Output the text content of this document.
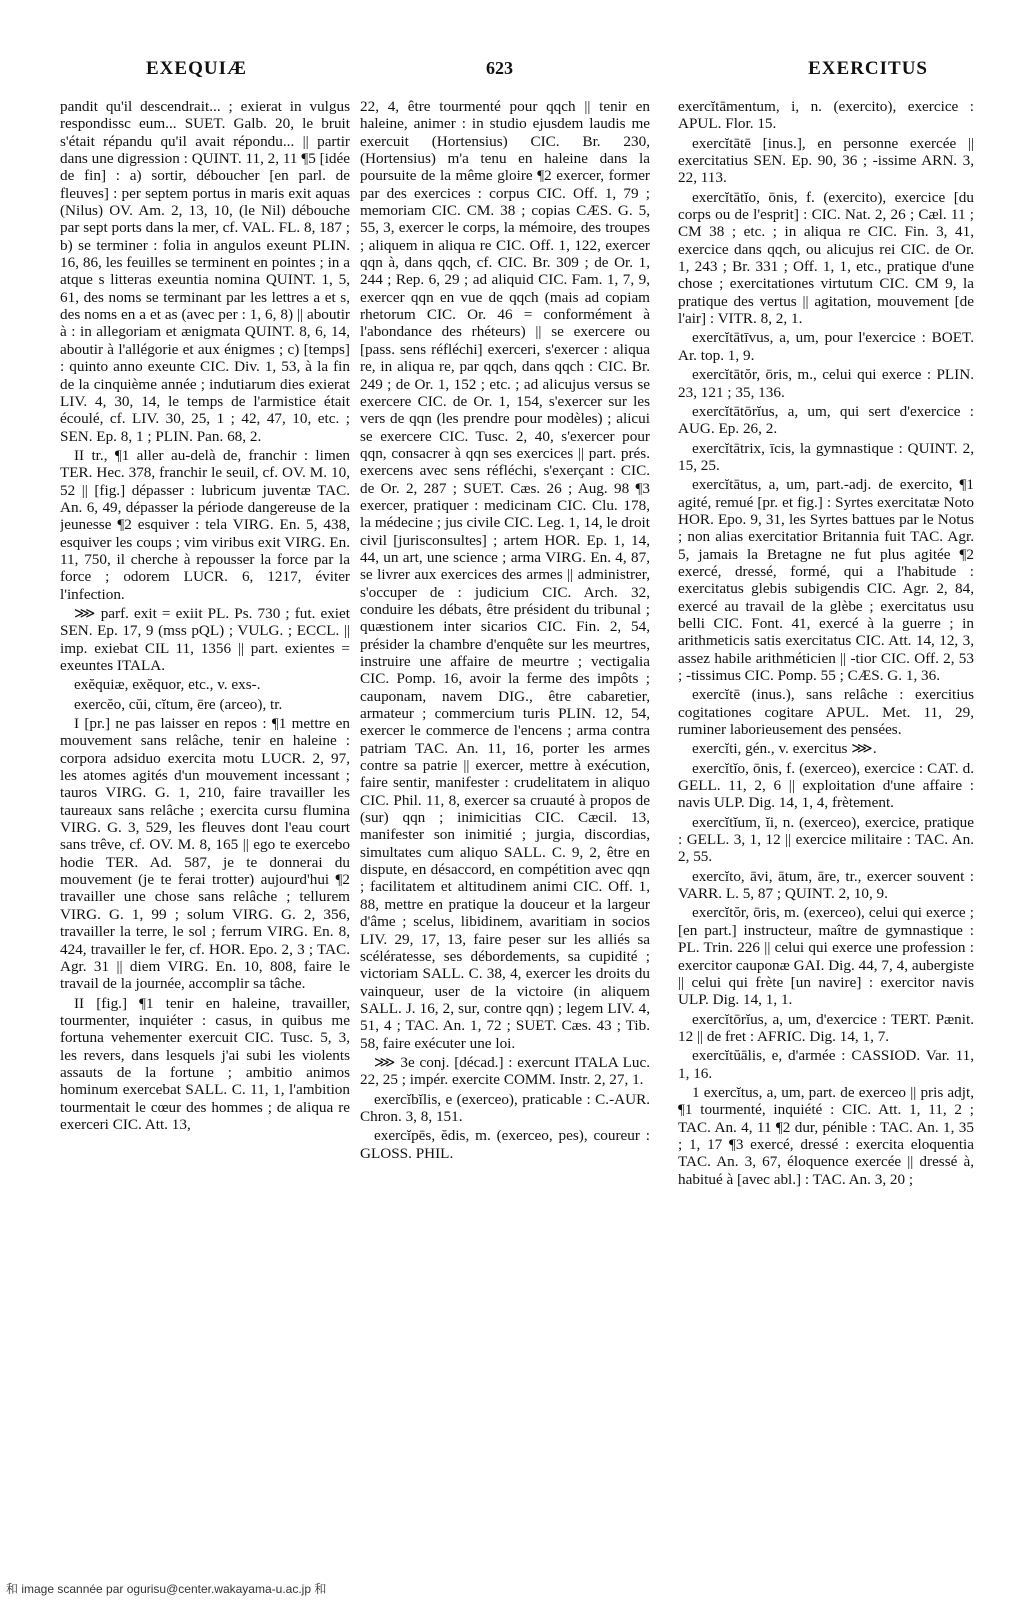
EXEQUIÆ	623	EXERCITUS

pandit qu'il descendrait... ; exierat in vulgus respondissc eum... SUET. Galb. 20, le bruit s'était répandu qu'il avait répondu... || partir dans une digression : QUINT. 11, 2, 11 ¶5 [idée de fin] : a) sortir, déboucher [en parl. de fleuves] : per septem portus in maris exit aquas (Nilus) OV. Am. 2, 13, 10, (le Nil) débouche par sept ports dans la mer, cf. VAL. FL. 8, 187 ; b) se terminer : folia in angulos exeunt PLIN. 16, 86, les feuilles se terminent en pointes ; in a atque s litteras exeuntia nomina QUINT. 1, 5, 61, des noms se terminant par les lettres a et s, des noms en a et as (avec per : 1, 6, 8) || aboutir à : in allegoriam et ænigmata QUINT. 8, 6, 14, aboutir à l'allégorie et aux énigmes ; c) [temps] : quinto anno exeunte CIC. Div. 1, 53, à la fin de la cinquième année ; indutiarum dies exierat LIV. 4, 30, 14, le temps de l'armistice était écoulé, cf. LIV. 30, 25, 1 ; 42, 47, 10, etc. ; SEN. Ep. 8, 1 ; PLIN. Pan. 68, 2.

II tr., ¶1 aller au-delà de, franchir : limen TER. Hec. 378, franchir le seuil, cf. OV. M. 10, 52 || [fig.] dépasser : lubricum juventæ TAC. An. 6, 49, dépasser la période dangereuse de la jeunesse ¶2 esquiver : tela VIRG. En. 5, 438, esquiver les coups ; vim viribus exit VIRG. En. 11, 750, il cherche à repousser la force par la force ; odorem LUCR. 6, 1217, éviter l'infection.

⋙ parf. exit = exiit PL. Ps. 730 ; fut. exiet SEN. Ep. 17, 9 (mss pQL) ; VULG. ; ECCL. || imp. exiebat CIL 11, 1356 || part. exientes = exeuntes ITALA.

exĕquiæ, exĕquor, etc., v. exs-.

exercĕo, cŭi, cĭtum, ēre (arceo), tr.

I [pr.] ne pas laisser en repos : ¶1 mettre en mouvement sans relâche, tenir en haleine : corpora adsiduo exercita motu LUCR. 2, 97, les atomes agités d'un mouvement incessant ; tauros VIRG. G. 1, 210, faire travailler les taureaux sans relâche ; exercita cursu flumina VIRG. G. 3, 529, les fleuves dont l'eau court sans trêve, cf. OV. M. 8, 165 || ego te exercebo hodie TER. Ad. 587, je te donnerai du mouvement (je te ferai trotter) aujourd'hui ¶2 travailler une chose sans relâche ; tellurem VIRG. G. 1, 99 ; solum VIRG. G. 2, 356, travailler la terre, le sol ; ferrum VIRG. En. 8, 424, travailler le fer, cf. HOR. Epo. 2, 3 ; TAC. Agr. 31 || diem VIRG. En. 10, 808, faire le travail de la journée, accomplir sa tâche.

II [fig.] ¶1 tenir en haleine, travailler, tourmenter, inquiéter : casus, in quibus me fortuna vehementer exercuit CIC. Tusc. 5, 3, les revers, dans lesquels j'ai subi les violents assauts de la fortune ; ambitio animos hominum exercebat SALL. C. 11, 1, l'ambition tourmentait le cœur des hommes ; de aliqua re exerceri CIC. Att. 13,

22, 4, être tourmenté pour qqch || tenir en haleine, animer : in studio ejusdem laudis me exercuit (Hortensius) CIC. Br. 230, (Hortensius) m'a tenu en haleine dans la poursuite de la même gloire ¶2 exercer, former par des exercices : corpus CIC. Off. 1, 79 ; memoriam CIC. CM. 38 ; copias CÆS. G. 5, 55, 3, exercer le corps, la mémoire, des troupes ; aliquem in aliqua re CIC. Off. 1, 122, exercer qqn à, dans qqch, cf. CIC. Br. 309 ; de Or. 1, 244 ; Rep. 6, 29 ; ad aliquid CIC. Fam. 1, 7, 9, exercer qqn en vue de qqch (mais ad copiam rhetorum CIC. Or. 46 = conformément à l'abondance des rhéteurs) || se exercere ou [pass. sens réfléchi] exerceri, s'exercer : aliqua re, in aliqua re, par qqch, dans qqch : CIC. Br. 249 ; de Or. 1, 152 ; etc. ; ad alicujus versus se exercere CIC. de Or. 1, 154, s'exercer sur les vers de qqn (les prendre pour modèles) ; alicui se exercere CIC. Tusc. 2, 40, s'exercer pour qqn, consacrer à qqn ses exercices || part. prés. exercens avec sens réfléchi, s'exerçant : CIC. de Or. 2, 287 ; SUET. Cæs. 26 ; Aug. 98 ¶3 exercer, pratiquer : medicinam CIC. Clu. 178, la médecine ; jus civile CIC. Leg. 1, 14, le droit civil [jurisconsultes] ; artem HOR. Ep. 1, 14, 44, un art, une science ; arma VIRG. En. 4, 87, se livrer aux exercices des armes || administrer, s'occuper de : judicium CIC. Arch. 32, conduire les débats, être président du tribunal ; quæstionem inter sicarios CIC. Fin. 2, 54, présider la chambre d'enquête sur les meurtres, instruire une affaire de meurtre ; vectigalia CIC. Pomp. 16, avoir la ferme des impôts ; cauponam, navem DIG., être cabaretier, armateur ; commercium turis PLIN. 12, 54, exercer le commerce de l'encens ; arma contra patriam TAC. An. 11, 16, porter les armes contre sa patrie || exercer, mettre à exécution, faire sentir, manifester : crudelitatem in aliquo CIC. Phil. 11, 8, exercer sa cruauté à propos de (sur) qqn ; inimicitias CIC. Cæcil. 13, manifester son inimitié ; jurgia, discordias, simultates cum aliquo SALL. C. 9, 2, être en dispute, en désaccord, en compétition avec qqn ; facilitatem et altitudinem animi CIC. Off. 1, 88, mettre en pratique la douceur et la largeur d'âme ; scelus, libidinem, avaritiam in socios LIV. 29, 17, 13, faire peser sur les alliés sa scélératesse, ses débordements, sa cupidité ; victoriam SALL. C. 38, 4, exercer les droits du vainqueur, user de la victoire (in aliquem SALL. J. 16, 2, sur, contre qqn) ; legem LIV. 4, 51, 4 ; TAC. An. 1, 72 ; SUET. Cæs. 43 ; Tib. 58, faire exécuter une loi.

⋙ 3e conj. [décad.] : exercunt ITALA Luc. 22, 25 ; impér. exercite COMM. Instr. 2, 27, 1.

exercĭbĭlis, e (exerceo), praticable : C.-AUR. Chron. 3, 8, 151.

exercĭpēs, ĕdis, m. (exerceo, pes), coureur : GLOSS. PHIL.

exercĭtāmentum, i, n. (exercito), exercice : APUL. Flor. 15.

exercĭtātē [inus.], en personne exercée || exercitatius SEN. Ep. 90, 36 ; -issime ARN. 3, 22, 113.

exercĭtātĭo, ōnis, f. (exercito), exercice [du corps ou de l'esprit] : CIC. Nat. 2, 26 ; Cæl. 11 ; CM 38 ; etc. ; in aliqua re CIC. Fin. 3, 41, exercice dans qqch, ou alicujus rei CIC. de Or. 1, 243 ; Br. 331 ; Off. 1, 1, etc., pratique d'une chose ; exercitationes virtutum CIC. CM 9, la pratique des vertus || agitation, mouvement [de l'air] : VITR. 8, 2, 1.

exercĭtātīvus, a, um, pour l'exercice : BOET. Ar. top. 1, 9.

exercĭtātŏr, ōris, m., celui qui exerce : PLIN. 23, 121 ; 35, 136.

exercĭtātōrĭus, a, um, qui sert d'exercice : AUG. Ep. 26, 2.

exercĭtātrix, īcis, la gymnastique : QUINT. 2, 15, 25.

exercĭtātus, a, um, part.-adj. de exercito, ¶1 agité, remué [pr. et fig.] : Syrtes exercitatæ Noto HOR. Epo. 9, 31, les Syrtes battues par le Notus ; non alias exercitatior Britannia fuit TAC. Agr. 5, jamais la Bretagne ne fut plus agitée ¶2 exercé, dressé, formé, qui a l'habitude : exercitatus glebis subigendis CIC. Agr. 2, 84, exercé au travail de la glèbe ; exercitatus usu belli CIC. Font. 41, exercé à la guerre ; in arithmeticis satis exercitatus CIC. Att. 14, 12, 3, assez habile arithméticien || -tior CIC. Off. 2, 53 ; -tissimus CIC. Pomp. 55 ; CÆS. G. 1, 36.

exercĭtē (inus.), sans relâche : exercitius cogitationes cogitare APUL. Met. 11, 29, ruminer laborieusement des pensées.

exercĭti, gén., v. exercitus ⋙.

exercĭtĭo, ōnis, f. (exerceo), exercice : CAT. d. GELL. 11, 2, 6 || exploitation d'une affaire : navis ULP. Dig. 14, 1, 4, frètement.

exercĭtĭum, ĭi, n. (exerceo), exercice, pratique : GELL. 3, 1, 12 || exercice militaire : TAC. An. 2, 55.

exercĭto, āvi, ātum, āre, tr., exercer souvent : VARR. L. 5, 87 ; QUINT. 2, 10, 9.

exercĭtŏr, ōris, m. (exerceo), celui qui exerce ; [en part.] instructeur, maître de gymnastique : PL. Trin. 226 || celui qui exerce une profession : exercitor cauponæ GAI. Dig. 44, 7, 4, aubergiste || celui qui frète [un navire] : exercitor navis ULP. Dig. 14, 1, 1.

exercĭtōrĭus, a, um, d'exercice : TERT. Pænit. 12 || de fret : AFRIC. Dig. 14, 1, 7.

exercĭtŭālis, e, d'armée : CASSIOD. Var. 11, 1, 16.

1 exercĭtus, a, um, part. de exerceo || pris adjt, ¶1 tourmenté, inquiété : CIC. Att. 1, 11, 2 ; TAC. An. 4, 11 ¶2 dur, pénible : TAC. An. 1, 35 ; 1, 17 ¶3 exercé, dressé : exercita eloquentia TAC. An. 3, 67, éloquence exercée || dressé à, habitué à [avec abl.] : TAC. An. 3, 20 ;

和 image scannée par ogurisu@center.wakayama-u.ac.jp 和
